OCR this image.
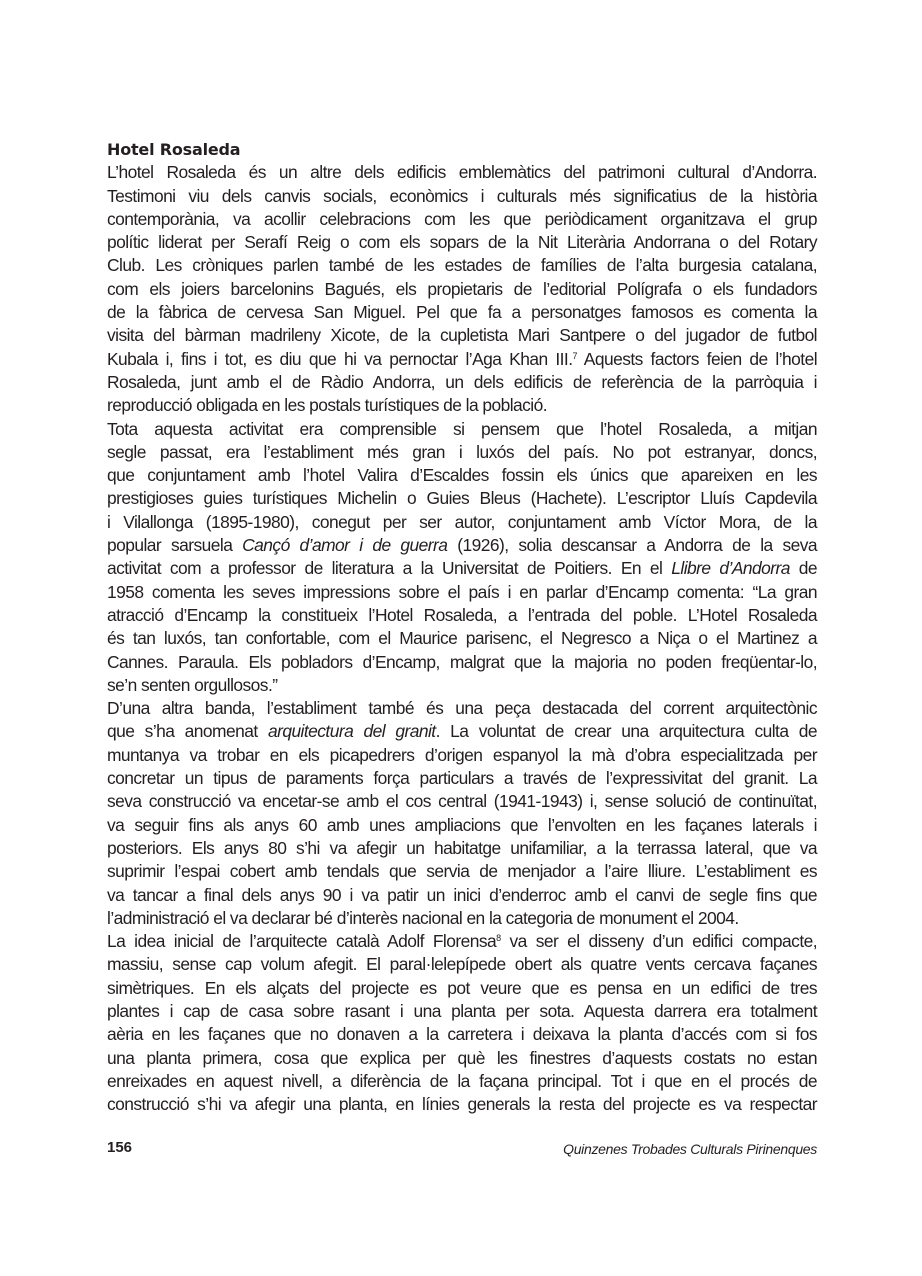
Hotel Rosaleda
L’hotel Rosaleda és un altre dels edificis emblemàtics del patrimoni cultural d’Andorra.
Testimoni viu dels canvis socials, econòmics i culturals més significatius de la història
contemporània, va acollir celebracions com les que periòdicament organitzava el grup
polític liderat per Serafí Reig o com els sopars de la Nit Literària Andorrana o del Rotary
Club. Les cròniques parlen també de les estades de famílies de l’alta burgesia catalana,
com els joiers barcelonins Bagués, els propietaris de l’editorial Polígrafa o els fundadors
de la fàbrica de cervesa San Miguel. Pel que fa a personatges famosos es comenta la
visita del bàrman madrileny Xicote, de la cupletista Mari Santpere o del jugador de futbol
Kubala i, fins i tot, es diu que hi va pernoctar l’Aga Khan III.$^7$ Aquests factors feien de l’hotel
Rosaleda, junt amb el de Ràdio Andorra, un dels edificis de referència de la parròquia i
reproducció obligada en les postals turístiques de la població.
Tota aquesta activitat era comprensible si pensem que l’hotel Rosaleda, a mitjan
segle passat, era l’establiment més gran i luxós del país. No pot estranyar, doncs,
que conjuntament amb l’hotel Valira d’Escaldes fossin els únics que apareixen en les
prestigioses guies turístiques Michelin o Guies Bleus (Hachete). L’escriptor Lluís Capdevila
i Vilallonga (1895-1980), conegut per ser autor, conjuntament amb Víctor Mora, de la
popular sarsuela Cançó d’amor i de guerra (1926), solia descansar a Andorra de la seva
activitat com a professor de literatura a la Universitat de Poitiers. En el Llibre d’Andorra de
1958 comenta les seves impressions sobre el país i en parlar d’Encamp comenta: “La gran
atracció d’Encamp la constitueix l’Hotel Rosaleda, a l’entrada del poble. L’Hotel Rosaleda
és tan luxós, tan confortable, com el Maurice parisenc, el Negresco a Niça o el Martinez a
Cannes. Paraula. Els pobladors d’Encamp, malgrat que la majoria no poden freqüentar-lo,
se’n senten orgullosos.”
D’una altra banda, l’establiment també és una peça destacada del corrent arquitectònic
que s’ha anomenat arquitectura del granit. La voluntat de crear una arquitectura culta de
muntanya va trobar en els picapedrers d’origen espanyol la mà d’obra especialitzada per
concretar un tipus de paraments força particulars a través de l’expressivitat del granit. La
seva construcció va encetar-se amb el cos central (1941-1943) i, sense solució de continuïtat,
va seguir fins als anys 60 amb unes ampliacions que l’envolten en les façanes laterals i
posteriors. Els anys 80 s’hi va afegir un habitatge unifamiliar, a la terrassa lateral, que va
suprimir l’espai cobert amb tendals que servia de menjador a l’aire lliure. L’establiment es
va tancar a final dels anys 90 i va patir un inici d’enderroc amb el canvi de segle fins que
l’administració el va declarar bé d’interès nacional en la categoria de monument el 2004.
La idea inicial de l’arquitecte català Adolf Florensa$^8$ va ser el disseny d’un edifici compacte,
massiu, sense cap volum afegit. El paral·lelepípede obert als quatre vents cercava façanes
simètriques. En els alçats del projecte es pot veure que es pensa en un edifici de tres
plantes i cap de casa sobre rasant i una planta per sota. Aquesta darrera era totalment
aèria en les façanes que no donaven a la carretera i deixava la planta d’accés com si fos
una planta primera, cosa que explica per què les finestres d’aquests costats no estan
enreixades en aquest nivell, a diferència de la façana principal. Tot i que en el procés de
construcció s’hi va afegir una planta, en línies generals la resta del projecte es va respectar
156	Quinzenes Trobades Culturals Pirinenques
